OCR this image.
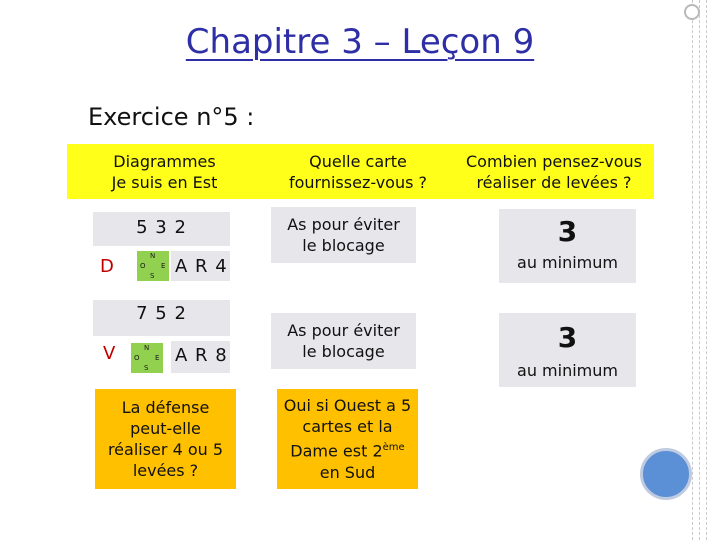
Chapitre 3 – Leçon 9
Exercice n°5 :
Diagrammes
Je suis en Est
Quelle carte
fournissez-vous ?
Combien pensez-vous
réaliser de levées ?
5 3 2
D	N
O E
S A R 4
7 5 2
V	N
O E
S
A R 8
As pour éviter
le blocage
As pour éviter
le blocage
3
au minimum
3
au minimum
La défense
peut-elle
réaliser 4 ou 5
levées ?
Oui si Ouest a 5
cartes et la
Dame est 2ème
en Sud
